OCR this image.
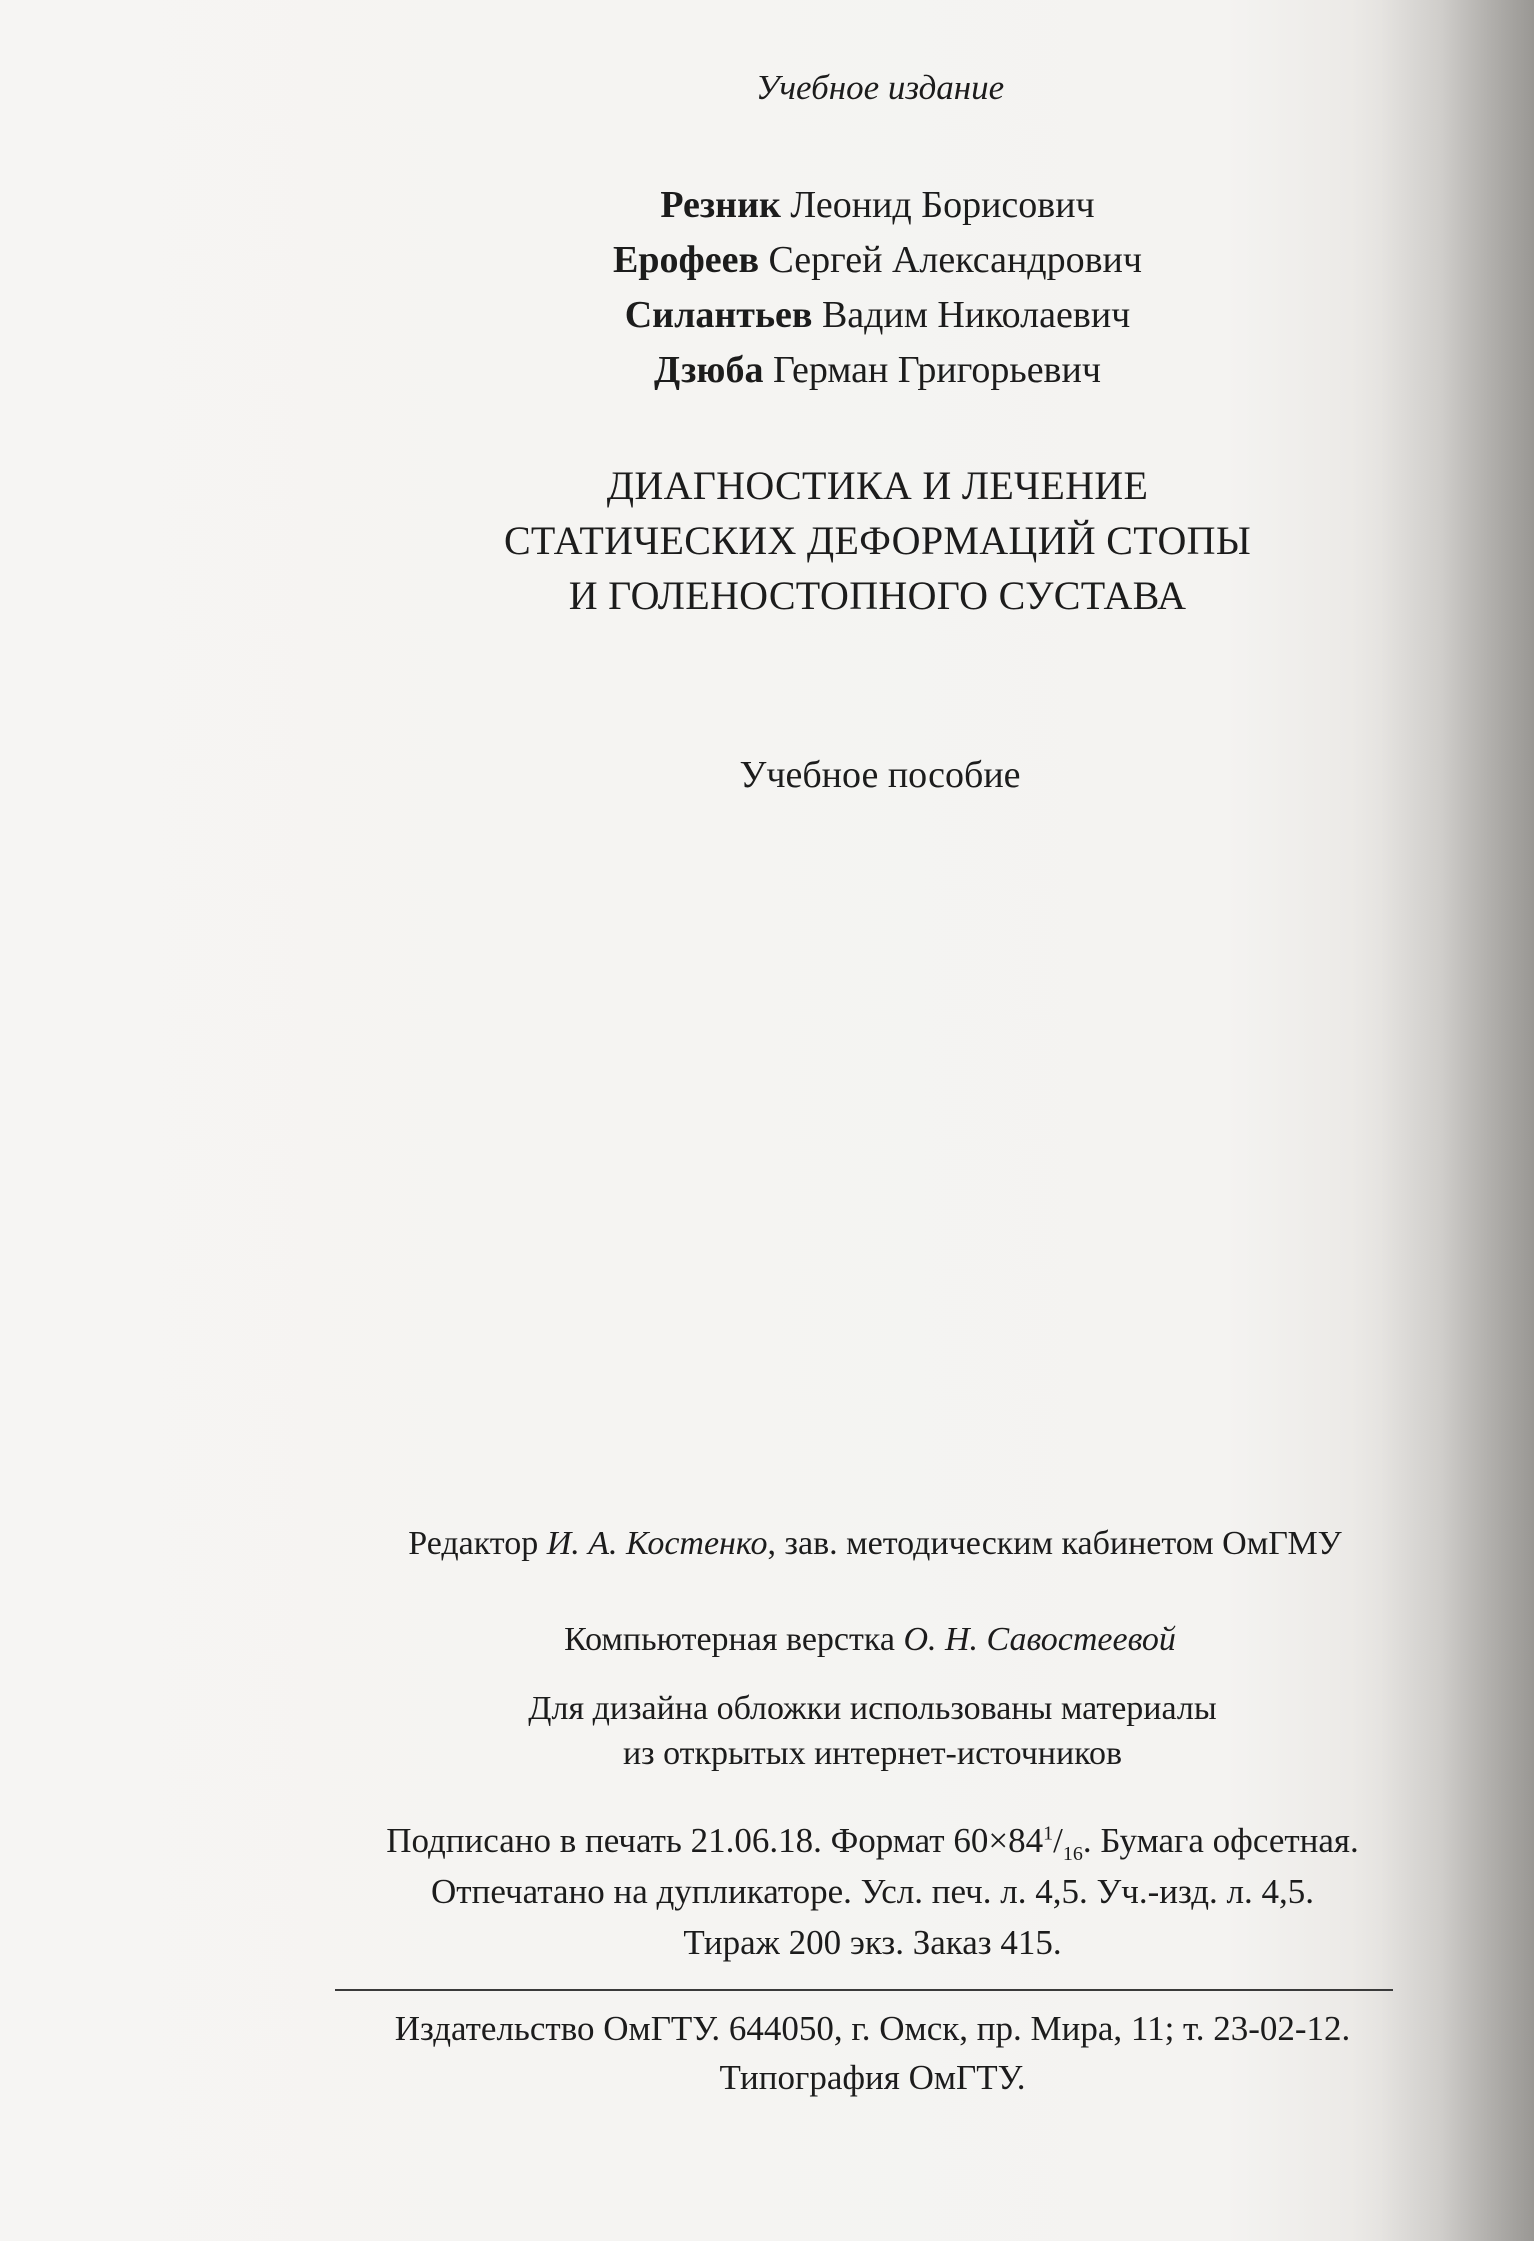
Учебное издание
Резник Леонид Борисович
Ерофеев Сергей Александрович
Силантьев Вадим Николаевич
Дзюба Герман Григорьевич
ДИАГНОСТИКА И ЛЕЧЕНИЕ
СТАТИЧЕСКИХ ДЕФОРМАЦИЙ СТОПЫ
И ГОЛЕНОСТОПНОГО СУСТАВА
Учебное пособие
Редактор И. А. Костенко, зав. методическим кабинетом ОмГМУ
Компьютерная верстка О. Н. Савостеевой
Для дизайна обложки использованы материалы
из открытых интернет-источников
Подписано в печать 21.06.18. Формат $60\times 84^1/_{16}$. Бумага офсетная.
Отпечатано на дупликаторе. Усл. печ. л. 4,5. Уч.-изд. л. 4,5.
Тираж 200 экз. Заказ 415.
Издательство ОмГТУ. 644050, г. Омск, пр. Мира, 11; т. 23-02-12.
Типография ОмГТУ.
